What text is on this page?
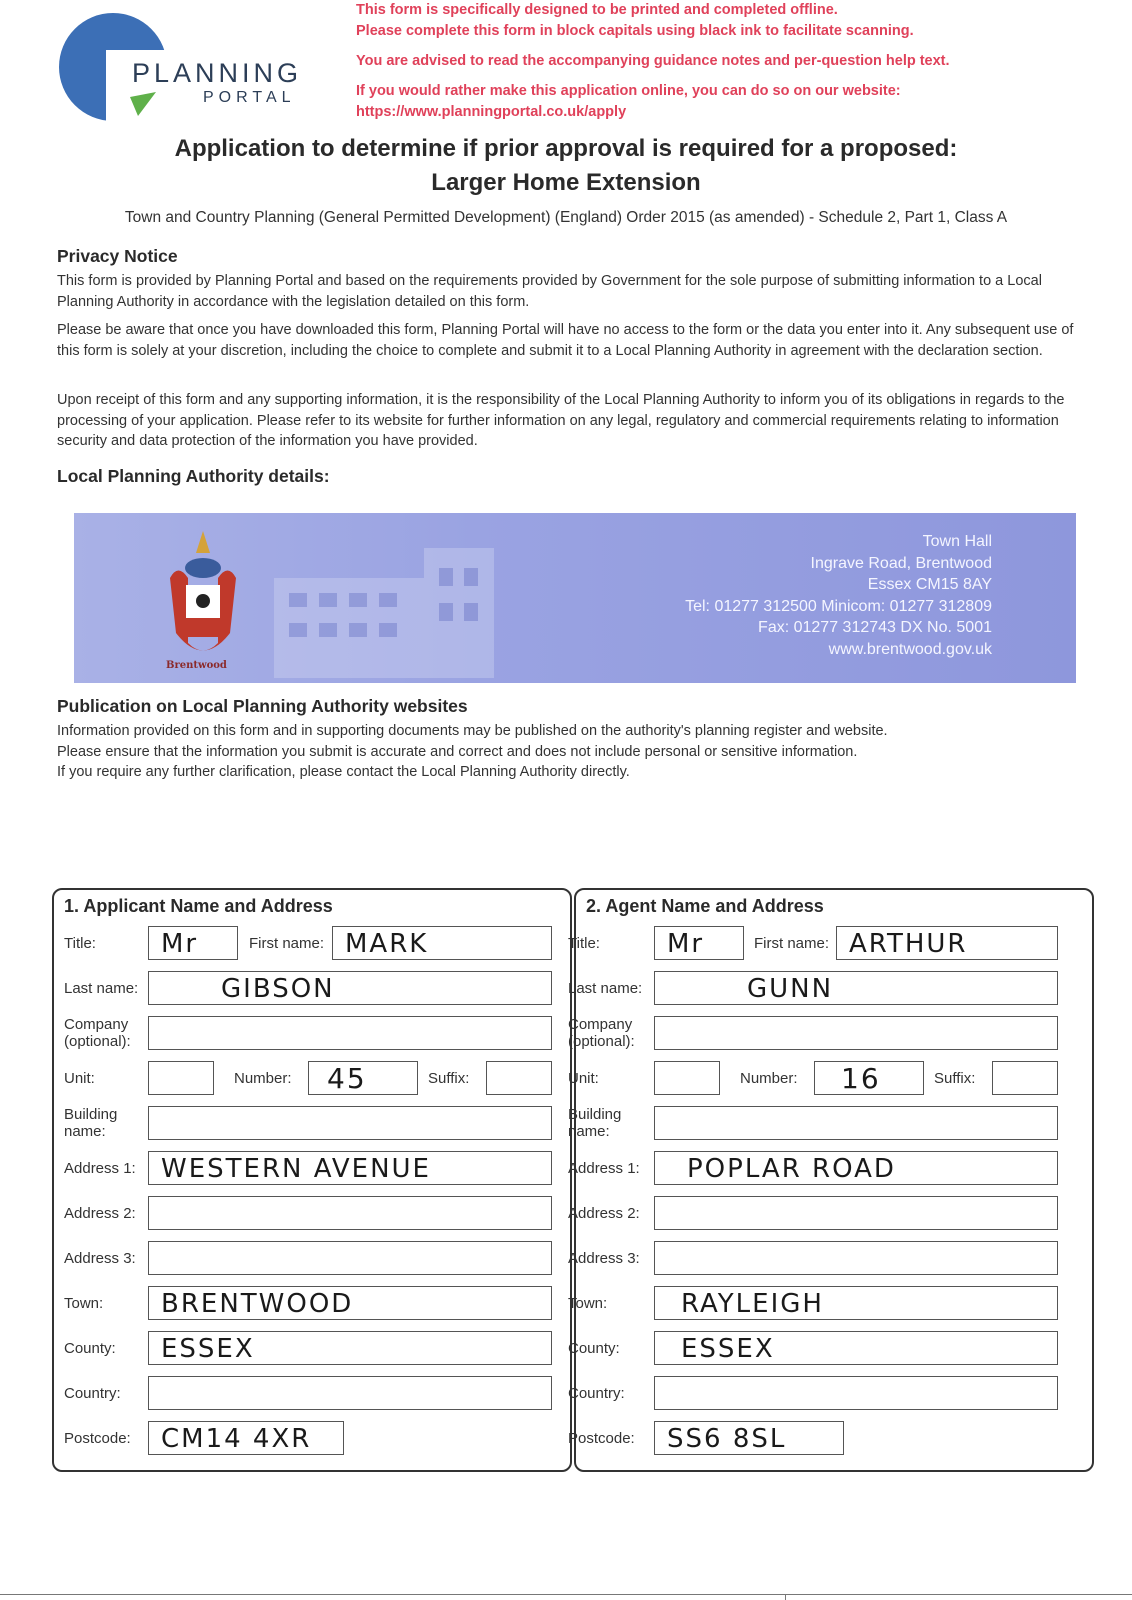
PLANNING
PORTAL
This form is specifically designed to be printed and completed offline.
Please complete this form in block capitals using black ink to facilitate scanning.
You are advised to read the accompanying guidance notes and per-question help text.
If you would rather make this application online, you can do so on our website:
https://www.planningportal.co.uk/apply
Application to determine if prior approval is required for a proposed:
Larger Home Extension
Town and Country Planning (General Permitted Development) (England) Order 2015 (as amended) - Schedule 2, Part 1, Class A
Privacy Notice
This form is provided by Planning Portal and based on the requirements provided by Government for the sole purpose of submitting information to a Local Planning Authority in accordance with the legislation detailed on this form.
Please be aware that once you have downloaded this form, Planning Portal will have no access to the form or the data you enter into it. Any subsequent use of this form is solely at your discretion, including the choice to complete and submit it to a Local Planning Authority in agreement with the declaration section.
Upon receipt of this form and any supporting information, it is the responsibility of the Local Planning Authority to inform you of its obligations in regards to the processing of your application. Please refer to its website for further information on any legal, regulatory and commercial requirements relating to information security and data protection of the information you have provided.
Local Planning Authority details:
Brentwood
Town Hall
Ingrave Road, Brentwood
Essex CM15 8AY
Tel: 01277 312500 Minicom: 01277 312809
Fax: 01277 312743 DX No. 5001
www.brentwood.gov.uk
Publication on Local Planning Authority websites
Information provided on this form and in supporting documents may be published on the authority's planning register and website.
Please ensure that the information you submit is accurate and correct and does not include personal or sensitive information.
If you require any further clarification, please contact the Local Planning Authority directly.
1. Applicant Name and Address
Title:	Mr	First name: MARK
Last name:	GIBSON
Company
(optional):
Unit:	Number: 45	Suffix:
Building
name:
Address 1: WESTERN AVENUE
Address 2:
Address 3:
Town: BRENTWOOD
County: ESSEX
Country:
Postcode: CM14 4XR
2. Agent Name and Address
Title:	Mr	First name: ARTHUR
Last name:	GUNN
Company
(optional):
Unit:	Number: 16	Suffix:
Building
name:
Address 1: POPLAR ROAD
Address 2:
Address 3:
Town:	RAYLEIGH
County: ESSEX
Country:
Postcode: SS6 8SL
